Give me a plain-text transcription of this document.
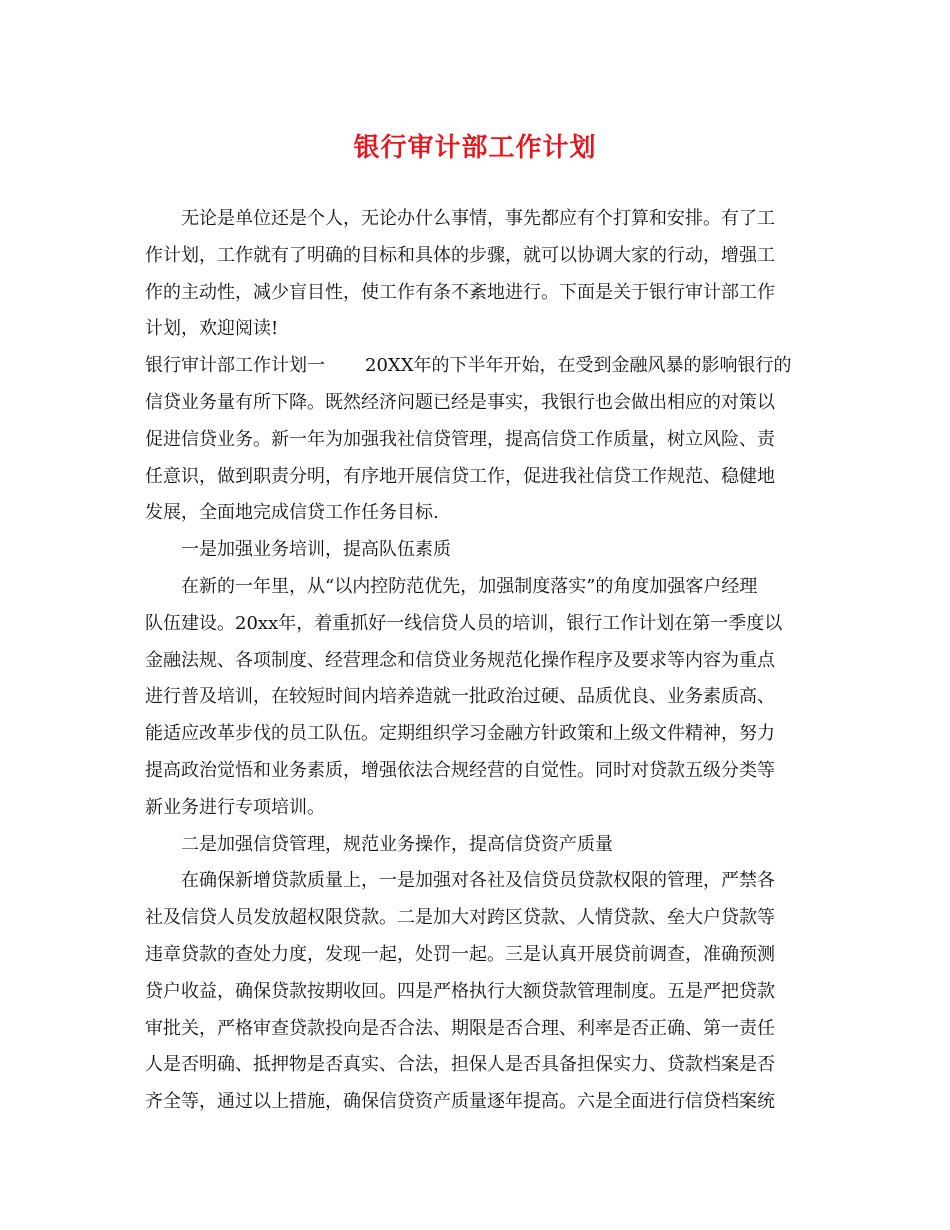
银行审计部工作计划
无论是单位还是个人，无论办什么事情，事先都应有个打算和安排。有了工
作计划，工作就有了明确的目标和具体的步骤，就可以协调大家的行动，增强工
作的主动性，减少盲目性，使工作有条不紊地进行。下面是关于银行审计部工作
计划，欢迎阅读!
银行审计部工作计划一 20XX年的下半年开始，在受到金融风暴的影响银行的
信贷业务量有所下降。既然经济问题已经是事实，我银行也会做出相应的对策以
促进信贷业务。新一年为加强我社信贷管理，提高信贷工作质量，树立风险、责
任意识，做到职责分明，有序地开展信贷工作，促进我社信贷工作规范、稳健地
发展，全面地完成信贷工作任务目标.
一是加强业务培训，提高队伍素质
在新的一年里，从“以内控防范优先，加强制度落实”的角度加强客户经理
队伍建设。20xx年，着重抓好一线信贷人员的培训，银行工作计划在第一季度以
金融法规、各项制度、经营理念和信贷业务规范化操作程序及要求等内容为重点
进行普及培训，在较短时间内培养造就一批政治过硬、品质优良、业务素质高、
能适应改革步伐的员工队伍。定期组织学习金融方针政策和上级文件精神，努力
提高政治觉悟和业务素质，增强依法合规经营的自觉性。同时对贷款五级分类等
新业务进行专项培训。
二是加强信贷管理，规范业务操作，提高信贷资产质量
在确保新增贷款质量上，一是加强对各社及信贷员贷款权限的管理，严禁各
社及信贷人员发放超权限贷款。二是加大对跨区贷款、人情贷款、垒大户贷款等
违章贷款的查处力度，发现一起，处罚一起。三是认真开展贷前调查，准确预测
贷户收益，确保贷款按期收回。四是严格执行大额贷款管理制度。五是严把贷款
审批关，严格审查贷款投向是否合法、期限是否合理、利率是否正确、第一责任
人是否明确、抵押物是否真实、合法，担保人是否具备担保实力、贷款档案是否
齐全等，通过以上措施，确保信贷资产质量逐年提高。六是全面进行信贷档案统
